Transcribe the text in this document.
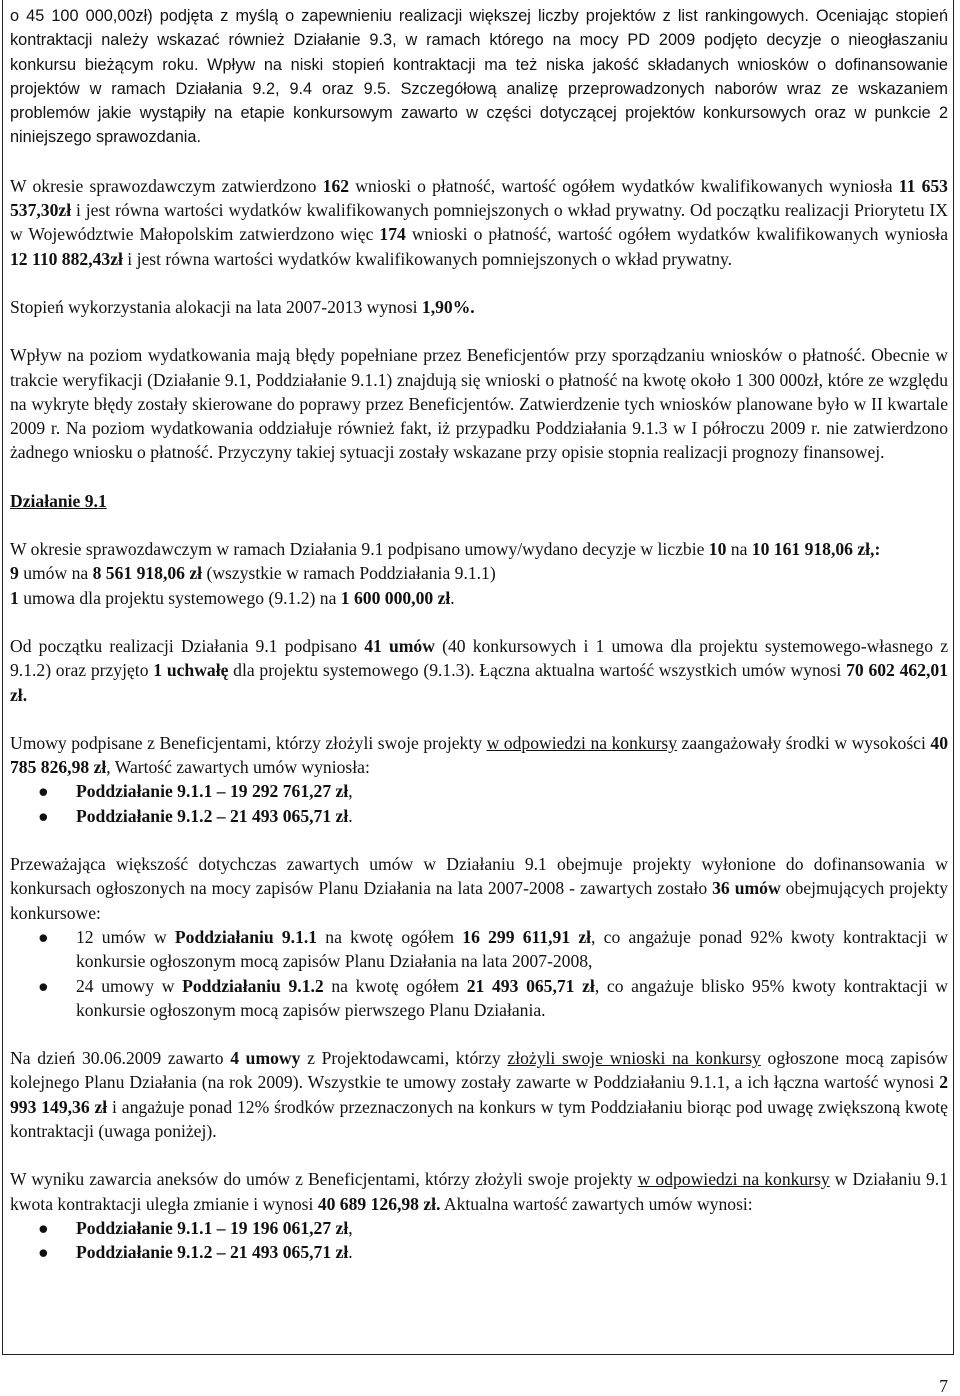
o 45 100 000,00zł) podjęta z myślą o zapewnieniu realizacji większej liczby projektów z list rankingowych. Oceniając stopień kontraktacji należy wskazać również Działanie 9.3, w ramach którego na mocy PD 2009 podjęto decyzje o nieogłaszaniu konkursu bieżącym roku. Wpływ na niski stopień kontraktacji ma też niska jakość składanych wniosków o dofinansowanie projektów w ramach Działania 9.2, 9.4 oraz 9.5. Szczegółową analizę przeprowadzonych naborów wraz ze wskazaniem problemów jakie wystąpiły na etapie konkursowym zawarto w części dotyczącej projektów konkursowych oraz w punkcie 2 niniejszego sprawozdania.

W okresie sprawozdawczym zatwierdzono 162 wnioski o płatność, wartość ogółem wydatków kwalifikowanych wyniosła 11 653 537,30zł i jest równa wartości wydatków kwalifikowanych pomniejszonych o wkład prywatny. Od początku realizacji Priorytetu IX w Województwie Małopolskim zatwierdzono więc 174 wnioski o płatność, wartość ogółem wydatków kwalifikowanych wyniosła 12 110 882,43zł i jest równa wartości wydatków kwalifikowanych pomniejszonych o wkład prywatny.

Stopień wykorzystania alokacji na lata 2007-2013 wynosi 1,90%.

Wpływ na poziom wydatkowania mają błędy popełniane przez Beneficjentów przy sporządzaniu wniosków o płatność. Obecnie w trakcie weryfikacji (Działanie 9.1, Poddziałanie 9.1.1) znajdują się wnioski o płatność na kwotę około 1 300 000zł, które ze względu na wykryte błędy zostały skierowane do poprawy przez Beneficjentów. Zatwierdzenie tych wniosków planowane było w II kwartale 2009 r. Na poziom wydatkowania oddziałuje również fakt, iż przypadku Poddziałania 9.1.3 w I półroczu 2009 r. nie zatwierdzono żadnego wniosku o płatność. Przyczyny takiej sytuacji zostały wskazane przy opisie stopnia realizacji prognozy finansowej.

Działanie 9.1

W okresie sprawozdawczym w ramach Działania 9.1 podpisano umowy/wydano decyzje w liczbie 10 na 10 161 918,06 zł,:
9 umów na 8 561 918,06 zł (wszystkie w ramach Poddziałania 9.1.1)
1 umowa dla projektu systemowego (9.1.2) na 1 600 000,00 zł.

Od początku realizacji Działania 9.1 podpisano 41 umów (40 konkursowych i 1 umowa dla projektu systemowego-własnego z 9.1.2) oraz przyjęto 1 uchwałę dla projektu systemowego (9.1.3). Łączna aktualna wartość wszystkich umów wynosi 70 602 462,01 zł.

Umowy podpisane z Beneficjentami, którzy złożyli swoje projekty w odpowiedzi na konkursy zaangażowały środki w wysokości 40 785 826,98 zł, Wartość zawartych umów wyniosła:

● Poddziałanie 9.1.1 – 19 292 761,27 zł,
● Poddziałanie 9.1.2 – 21 493 065,71 zł.

Przeważająca większość dotychczas zawartych umów w Działaniu 9.1 obejmuje projekty wyłonione do dofinansowania w konkursach ogłoszonych na mocy zapisów Planu Działania na lata 2007-2008 - zawartych zostało 36 umów obejmujących projekty konkursowe:

● 12 umów w Poddziałaniu 9.1.1 na kwotę ogółem 16 299 611,91 zł, co angażuje ponad 92% kwoty kontraktacji w konkursie ogłoszonym mocą zapisów Planu Działania na lata 2007-2008,
● 24 umowy w Poddziałaniu 9.1.2 na kwotę ogółem 21 493 065,71 zł, co angażuje blisko 95% kwoty kontraktacji w konkursie ogłoszonym mocą zapisów pierwszego Planu Działania.

Na dzień 30.06.2009 zawarto 4 umowy z Projektodawcami, którzy złożyli swoje wnioski na konkursy ogłoszone mocą zapisów kolejnego Planu Działania (na rok 2009). Wszystkie te umowy zostały zawarte w Poddziałaniu 9.1.1, a ich łączna wartość wynosi 2 993 149,36 zł i angażuje ponad 12% środków przeznaczonych na konkurs w tym Poddziałaniu biorąc pod uwagę zwiększoną kwotę kontraktacji (uwaga poniżej).

W wyniku zawarcia aneksów do umów z Beneficjentami, którzy złożyli swoje projekty w odpowiedzi na konkursy w Działaniu 9.1 kwota kontraktacji uległa zmianie i wynosi 40 689 126,98 zł. Aktualna wartość zawartych umów wynosi:

● Poddziałanie 9.1.1 – 19 196 061,27 zł,
● Poddziałanie 9.1.2 – 21 493 065,71 zł.
7
